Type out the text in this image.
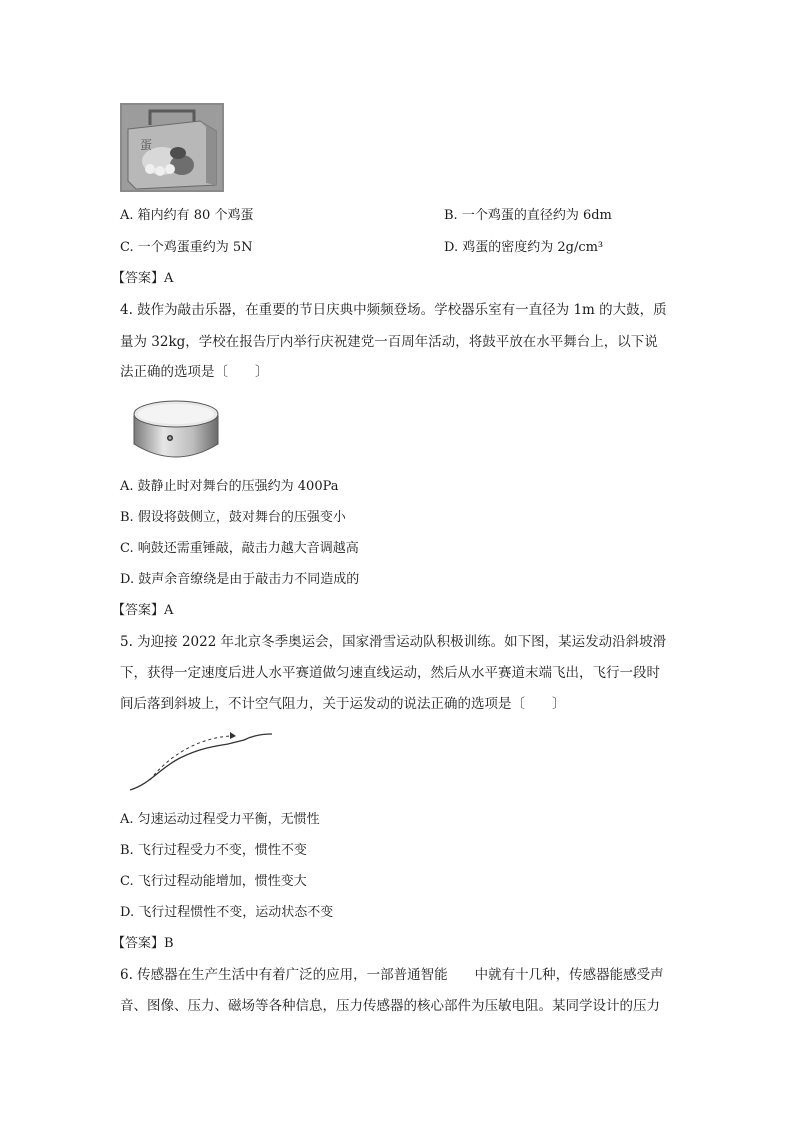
蛋
A. 箱内约有 80 个鸡蛋	B. 一个鸡蛋的直径约为 6dm
C. 一个鸡蛋重约为 5N	D. 鸡蛋的密度约为 2g/cm³
【答案】A
4. 鼓作为敲击乐器，在重要的节日庆典中频频登场。学校器乐室有一直径为 1m 的大鼓，质
量为 32kg，学校在报告厅内举行庆祝建党一百周年活动，将鼓平放在水平舞台上，以下说
法正确的选项是〔　　〕
A. 鼓静止时对舞台的压强约为 400Pa
B. 假设将鼓侧立，鼓对舞台的压强变小
C. 响鼓还需重锤敲，敲击力越大音调越高
D. 鼓声余音缭绕是由于敲击力不同造成的
【答案】A
5. 为迎接 2022 年北京冬季奥运会，国家滑雪运动队积极训练。如下图，某运发动沿斜坡滑
下，获得一定速度后进人水平赛道做匀速直线运动，然后从水平赛道末端飞出，飞行一段时
间后落到斜坡上，不计空气阻力，关于运发动的说法正确的选项是〔　　〕
A. 匀速运动过程受力平衡，无惯性
B. 飞行过程受力不变，惯性不变
C. 飞行过程动能增加，惯性变大
D. 飞行过程惯性不变，运动状态不变
【答案】B
6. 传感器在生产生活中有着广泛的应用，一部普通智能　　中就有十几种，传感器能感受声
音、图像、压力、磁场等各种信息，压力传感器的核心部件为压敏电阻。某同学设计的压力
